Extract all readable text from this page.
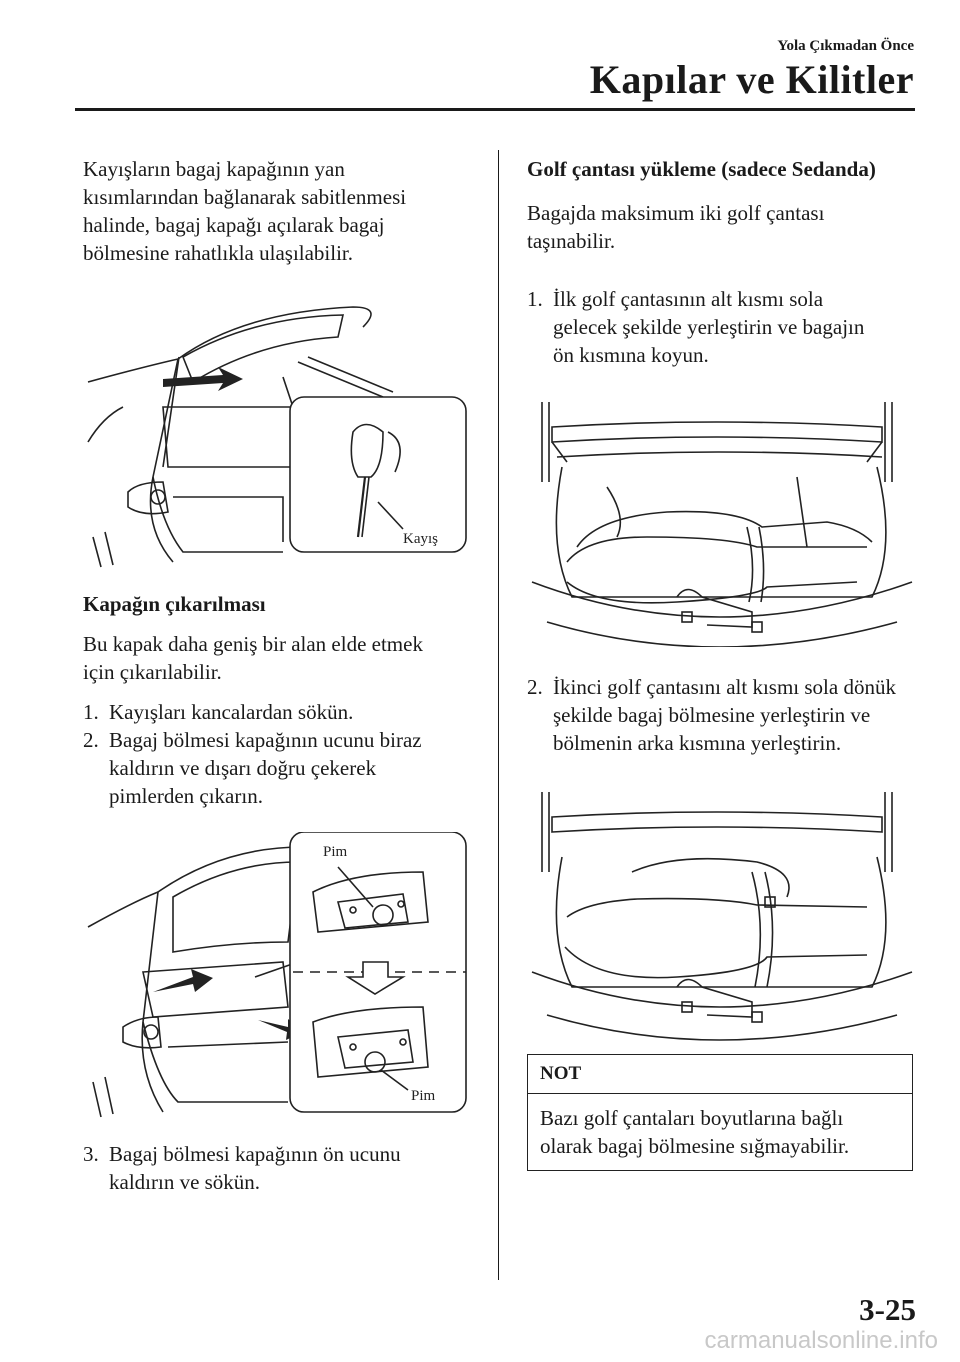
Yola Çıkmadan Önce
Kapılar ve Kilitler

Kayışların bagaj kapağının yan

kısımlarından bağlanarak sabitlenmesi

halinde, bagaj kapağı açılarak bagaj

bölmesine rahatlıkla ulaşılabilir.

Kayış
Kapağın çıkarılması

Bu kapak daha geniş bir alan elde etmek

için çıkarılabilir.

1. Kayışları kancalardan sökün.
2. Bagaj bölmesi kapağının ucunu biraz
kaldırın ve dışarı doğru çekerek
pimlerden çıkarın.
Pim
Pim
3. Bagaj bölmesi kapağının ön ucunu
kaldırın ve sökün.
Golf çantası yükleme (sadece Sedanda)

Bagajda maksimum iki golf çantası

taşınabilir.

1. İlk golf çantasının alt kısmı sola
gelecek şekilde yerleştirin ve bagajın
ön kısmına koyun.
2. İkinci golf çantasını alt kısmı sola dönük
şekilde bagaj bölmesine yerleştirin ve
bölmenin arka kısmına yerleştirin.
NOT
Bazı golf çantaları boyutlarına bağlı
olarak bagaj bölmesine sığmayabilir.
3-25
carmanualsonline.info
